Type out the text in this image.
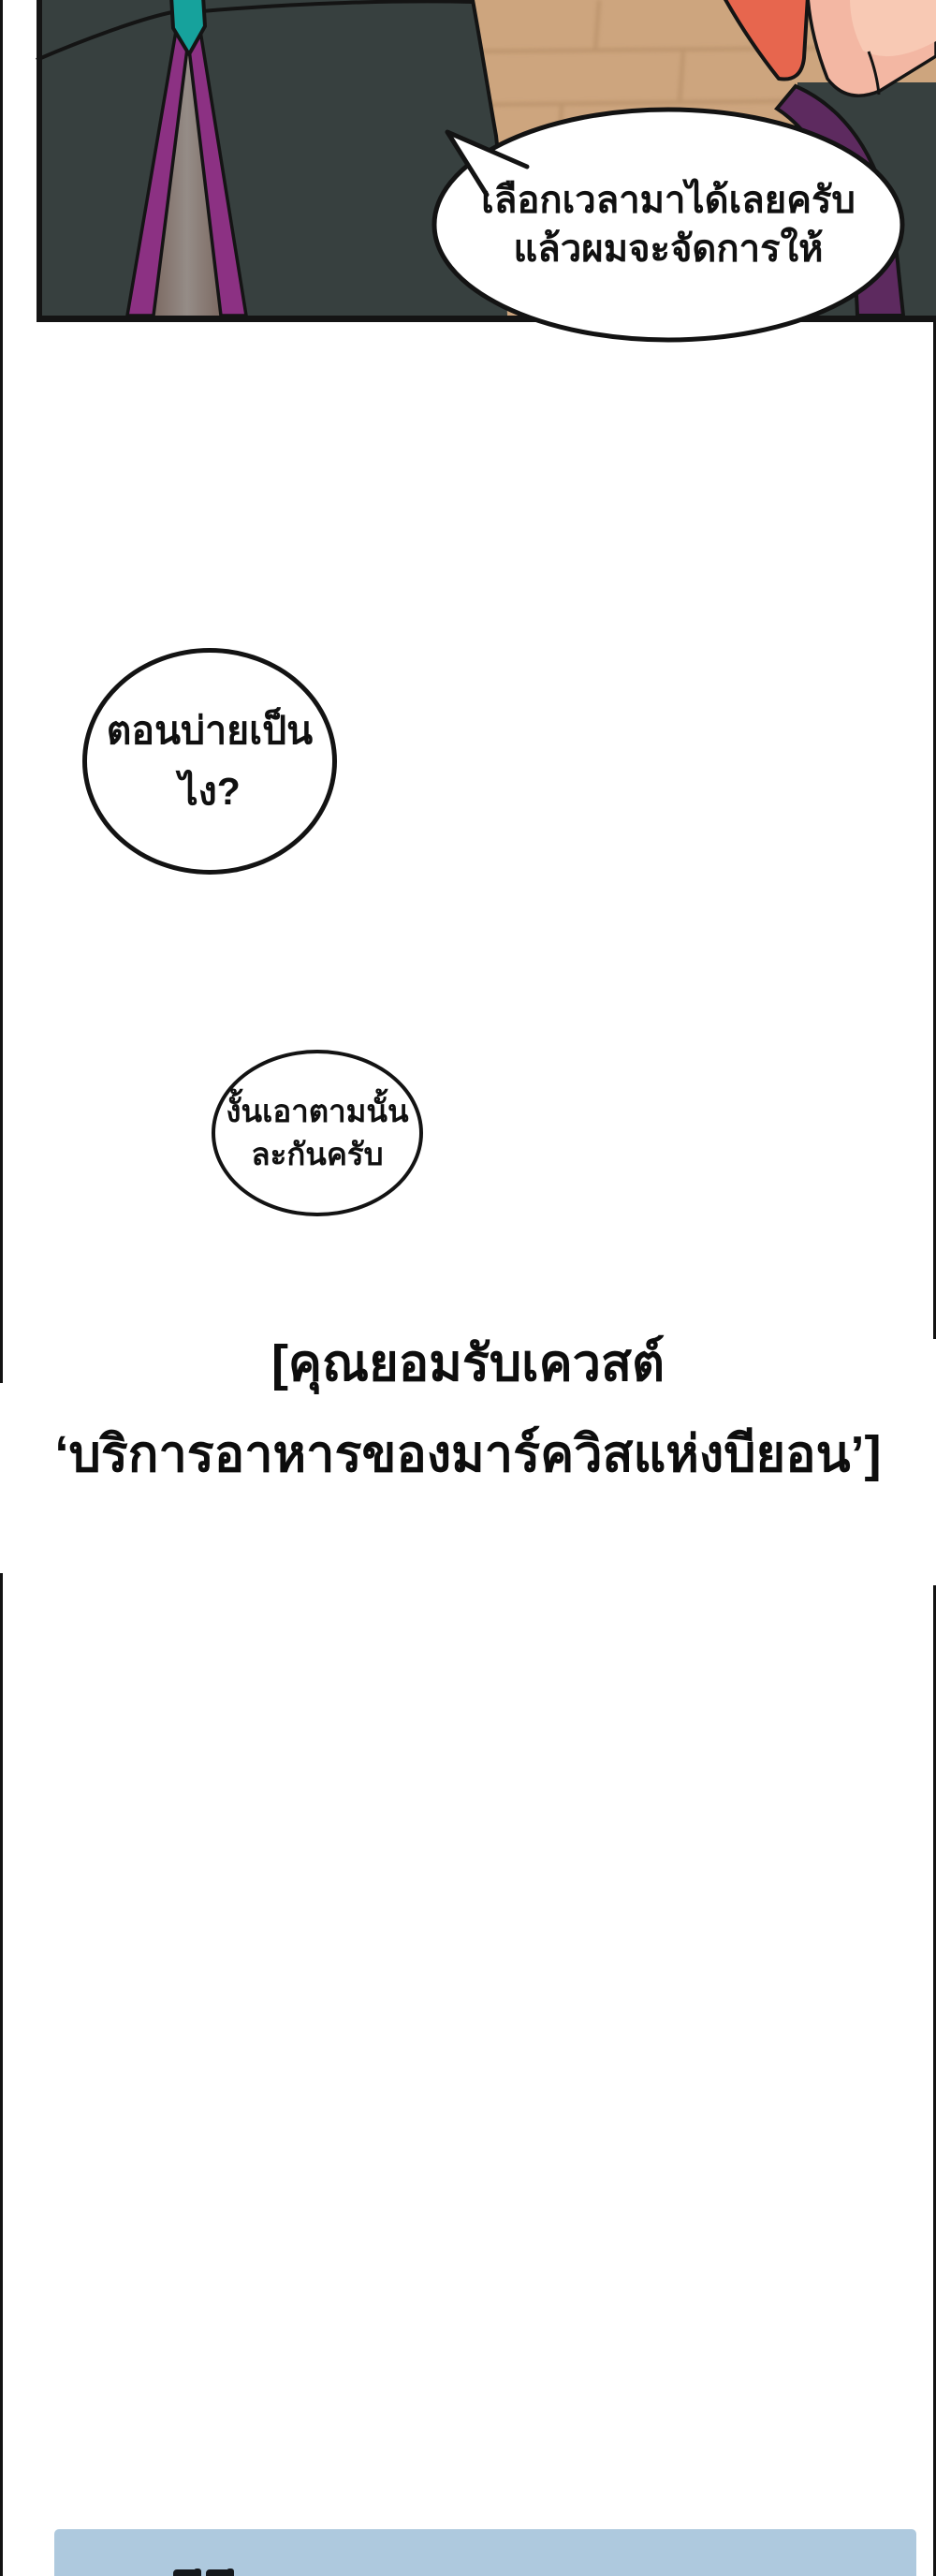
เลือกเวลามาได้เลยครับ
แล้วผมจะจัดการให้
ตอนบ่ายเป็นไง?
งั้นเอาตามนั้น
ละกันครับ
[คุณยอมรับเควสต์
‘บริการอาหารของมาร์ควิสแห่งบียอน’]
